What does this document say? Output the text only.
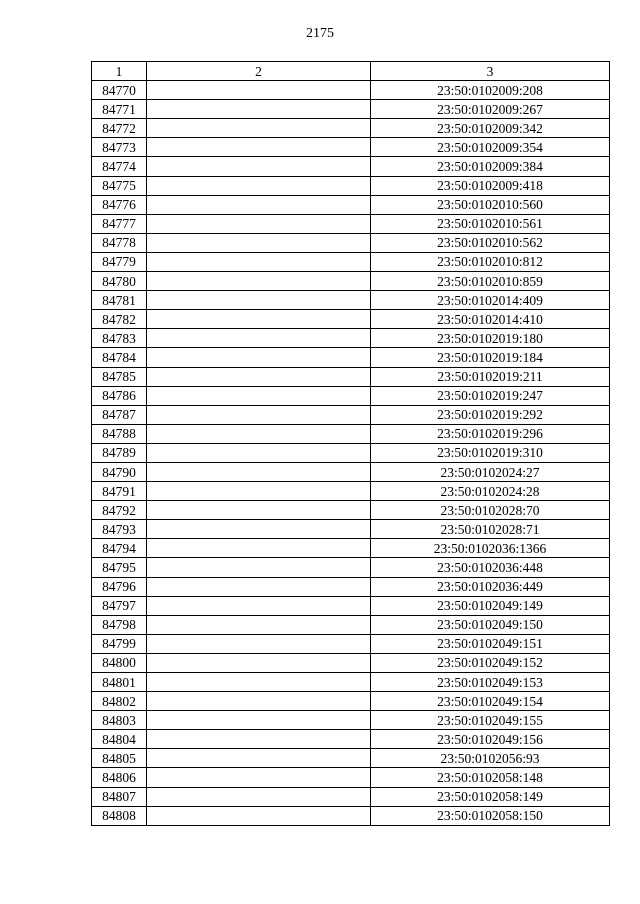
2175
1	2	3
84770		23:50:0102009:208
84771		23:50:0102009:267
84772		23:50:0102009:342
84773		23:50:0102009:354
84774		23:50:0102009:384
84775		23:50:0102009:418
84776		23:50:0102010:560
84777		23:50:0102010:561
84778		23:50:0102010:562
84779		23:50:0102010:812
84780		23:50:0102010:859
84781		23:50:0102014:409
84782		23:50:0102014:410
84783		23:50:0102019:180
84784		23:50:0102019:184
84785		23:50:0102019:211
84786		23:50:0102019:247
84787		23:50:0102019:292
84788		23:50:0102019:296
84789		23:50:0102019:310
84790		23:50:0102024:27
84791		23:50:0102024:28
84792		23:50:0102028:70
84793		23:50:0102028:71
84794		23:50:0102036:1366
84795		23:50:0102036:448
84796		23:50:0102036:449
84797		23:50:0102049:149
84798		23:50:0102049:150
84799		23:50:0102049:151
84800		23:50:0102049:152
84801		23:50:0102049:153
84802		23:50:0102049:154
84803		23:50:0102049:155
84804		23:50:0102049:156
84805		23:50:0102056:93
84806		23:50:0102058:148
84807		23:50:0102058:149
84808		23:50:0102058:150
